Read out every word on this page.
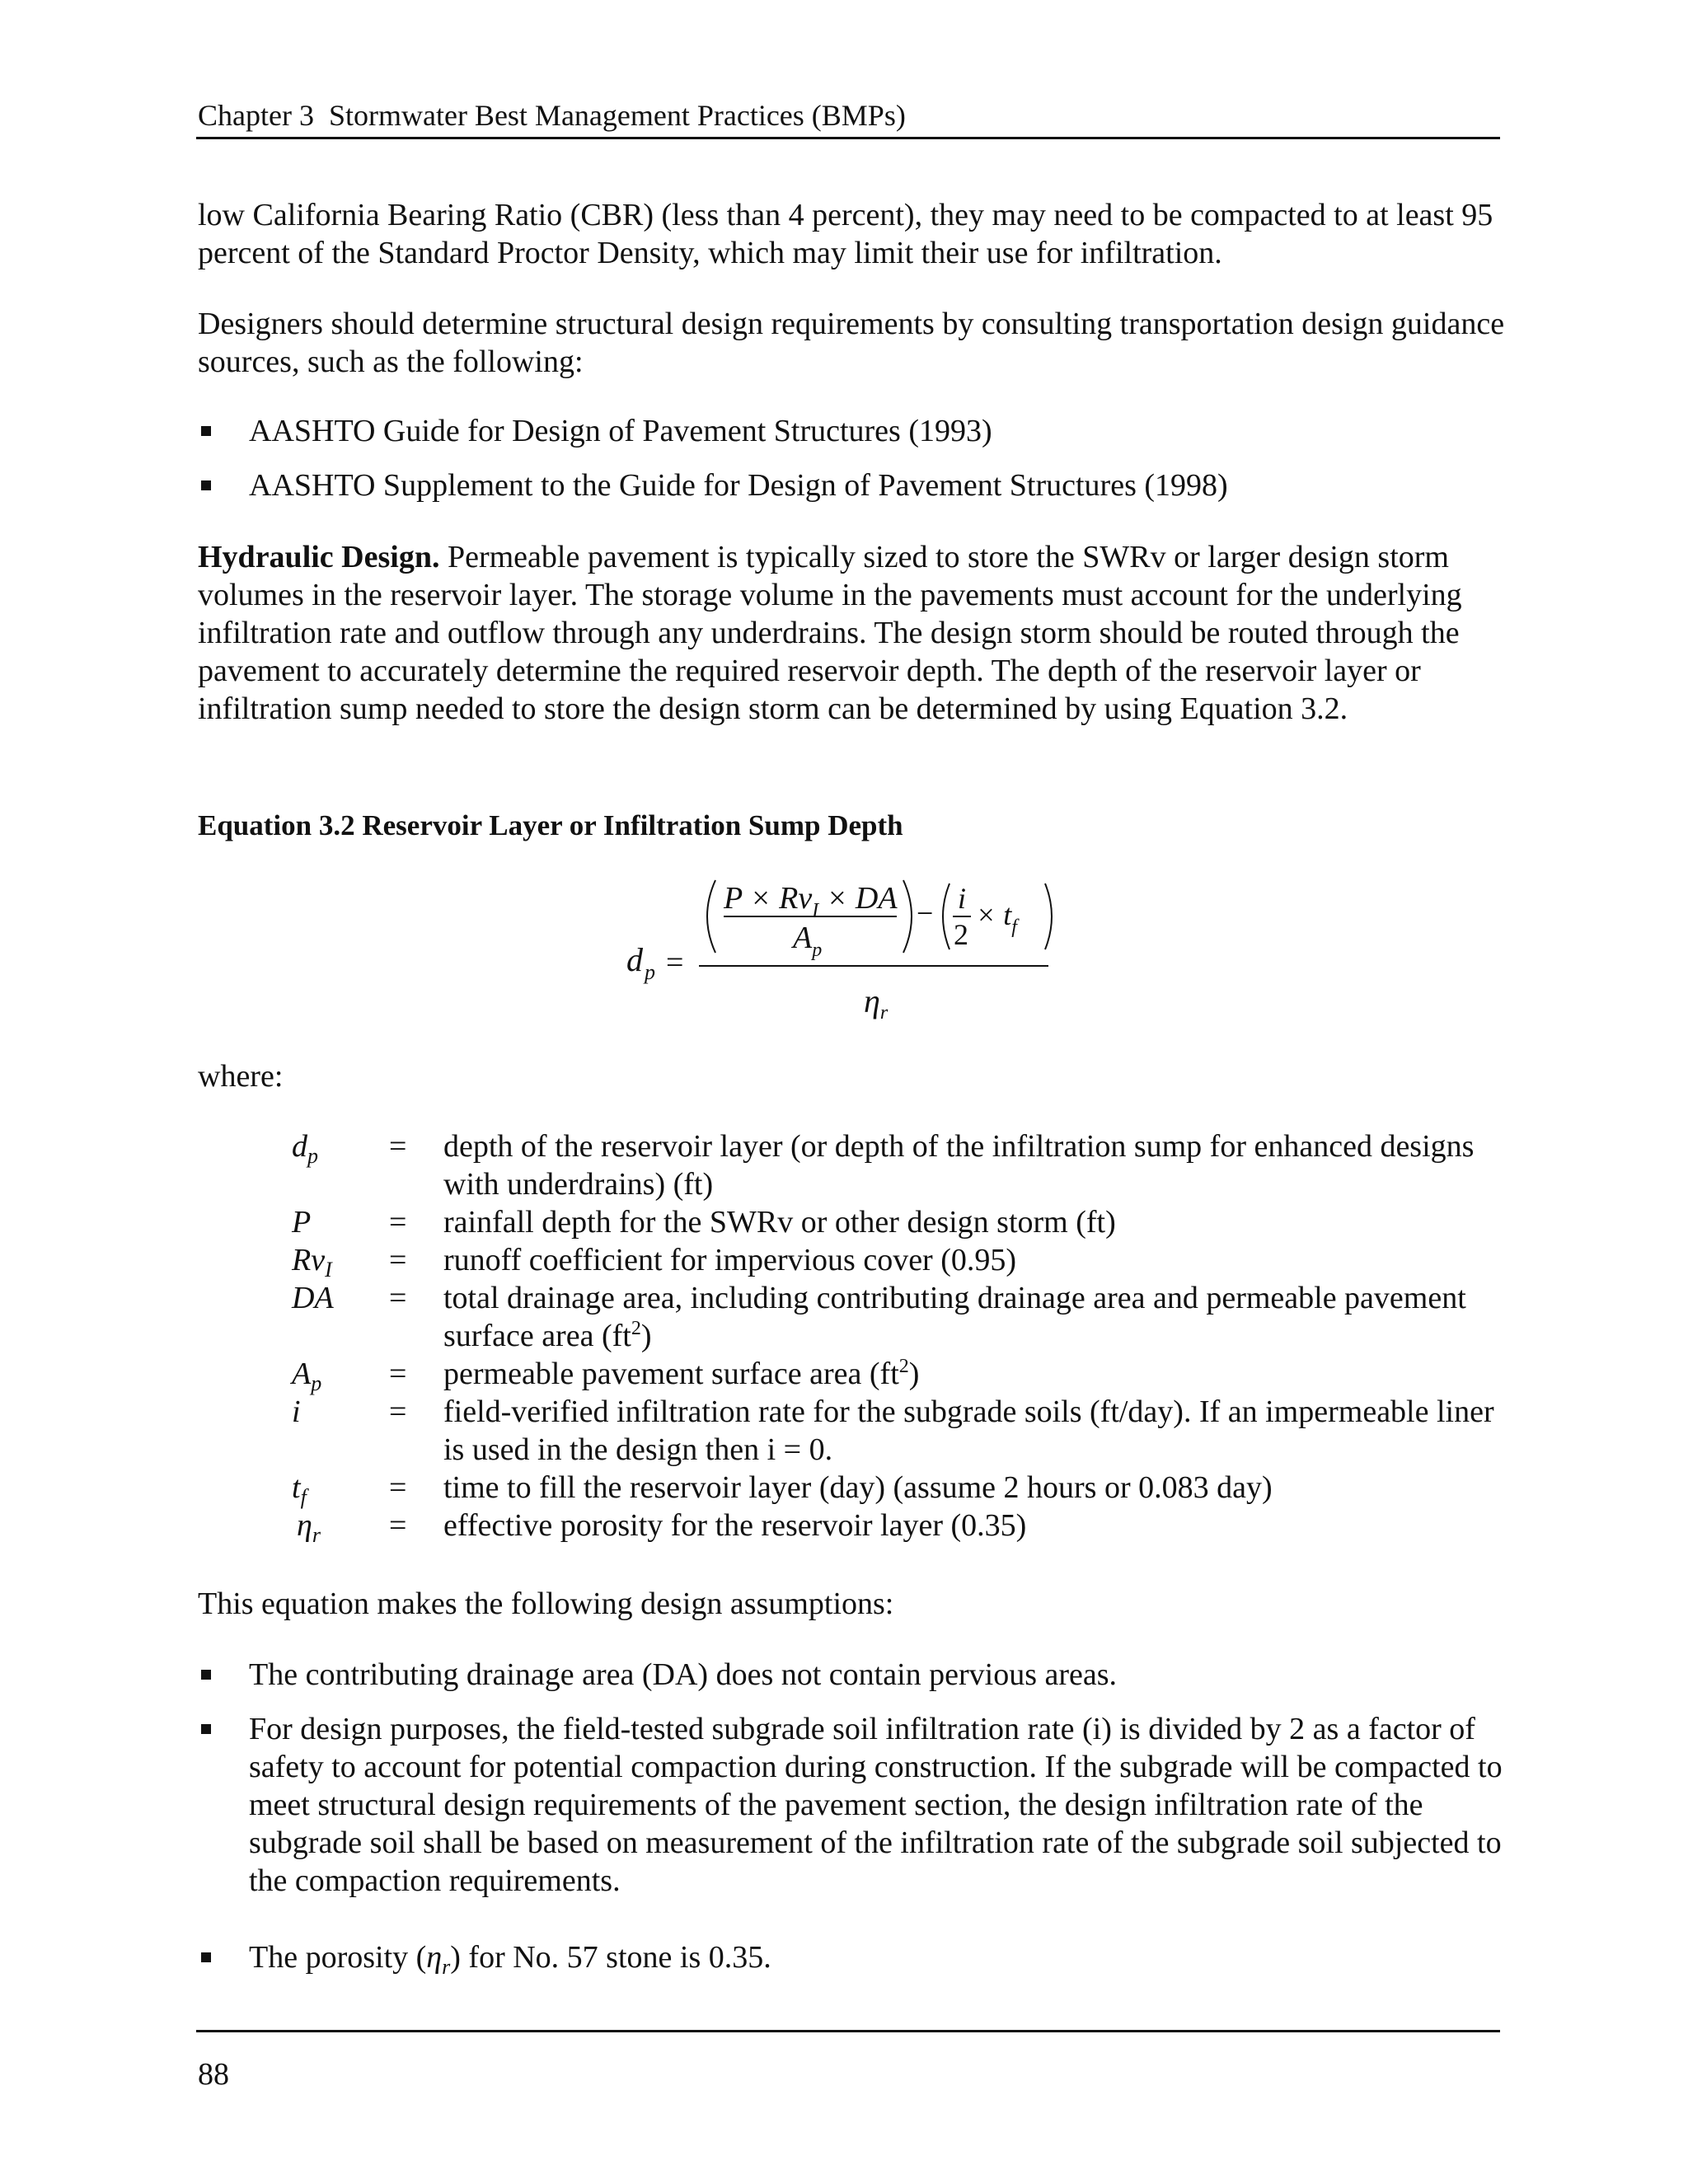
Chapter 3 Stormwater Best Management Practices (BMPs)

low California Bearing Ratio (CBR) (less than 4 percent), they may need to be compacted to at least 95 percent of the Standard Proctor Density, which may limit their use for infiltration.

Designers should determine structural design requirements by consulting transportation design guidance sources, such as the following:

AASHTO Guide for Design of Pavement Structures (1993)

AASHTO Supplement to the Guide for Design of Pavement Structures (1998)

Hydraulic Design. Permeable pavement is typically sized to store the SWRv or larger design storm volumes in the reservoir layer. The storage volume in the pavements must account for the underlying infiltration rate and outflow through any underdrains. The design storm should be routed through the pavement to accurately determine the required reservoir depth. The depth of the reservoir layer or infiltration sump needed to store the design storm can be determined by using Equation 3.2.

Equation 3.2 Reservoir Layer or Infiltration Sump Depth
$d_p$ =
$P \times Rv_I$ × DA
$A_p$
− i
2
× $t_f$
$\eta_r$
where:
$d_p$	=	depth of the reservoir layer (or depth of the infiltration sump for enhanced designs with underdrains) (ft)
P	=	rainfall depth for the SWRv or other design storm (ft)
$Rv_I$	=	runoff coefficient for impervious cover (0.95)
DA	=	total drainage area, including contributing drainage area and permeable pavement surface area $(ft^2)$
$A_p$	=	permeable pavement surface area $(ft^2)$
i	=	field-verified infiltration rate for the subgrade soils (ft/day). If an impermeable liner is used in the design then i = 0.
$t_f$	=	time to fill the reservoir layer (day) (assume 2 hours or 0.083 day)
$\eta_r$	=	effective porosity for the reservoir layer (0.35)

This equation makes the following design assumptions:

The contributing drainage area (DA) does not contain pervious areas.

For design purposes, the field-tested subgrade soil infiltration rate (i) is divided by 2 as a factor of safety to account for potential compaction during construction. If the subgrade will be compacted to meet structural design requirements of the pavement section, the design infiltration rate of the subgrade soil shall be based on measurement of the infiltration rate of the subgrade soil subjected to the compaction requirements.

The porosity $(\eta_r)$ for No. 57 stone is 0.35.

88
